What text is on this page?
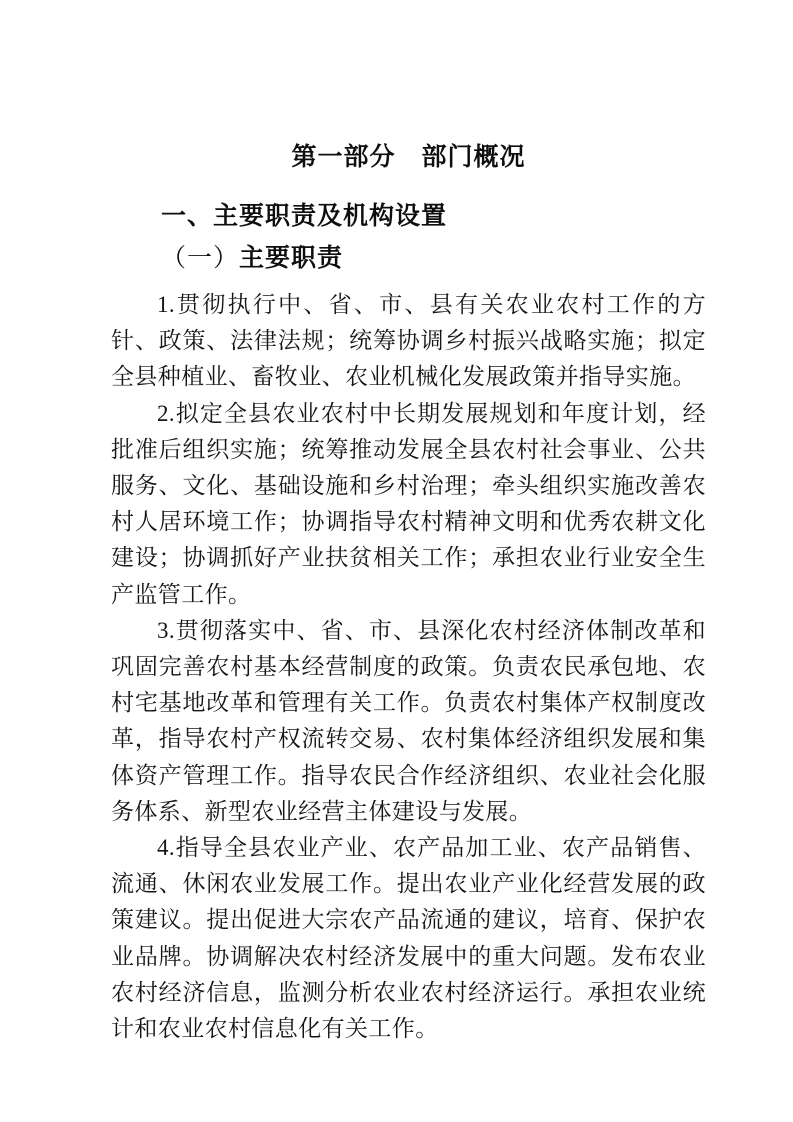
第一部分　部门概况
一、主要职责及机构设置
（一）主要职责

1.贯彻执行中、省、市、县有关农业农村工作的方针、政策、法律法规；统筹协调乡村振兴战略实施；拟定全县种植业、畜牧业、农业机械化发展政策并指导实施。

2.拟定全县农业农村中长期发展规划和年度计划，经批准后组织实施；统筹推动发展全县农村社会事业、公共服务、文化、基础设施和乡村治理；牵头组织实施改善农村人居环境工作；协调指导农村精神文明和优秀农耕文化建设；协调抓好产业扶贫相关工作；承担农业行业安全生产监管工作。

3.贯彻落实中、省、市、县深化农村经济体制改革和巩固完善农村基本经营制度的政策。负责农民承包地、农村宅基地改革和管理有关工作。负责农村集体产权制度改革，指导农村产权流转交易、农村集体经济组织发展和集体资产管理工作。指导农民合作经济组织、农业社会化服务体系、新型农业经营主体建设与发展。

4.指导全县农业产业、农产品加工业、农产品销售、流通、休闲农业发展工作。提出农业产业化经营发展的政策建议。提出促进大宗农产品流通的建议，培育、保护农业品牌。协调解决农村经济发展中的重大问题。发布农业农村经济信息，监测分析农业农村经济运行。承担农业统计和农业农村信息化有关工作。
